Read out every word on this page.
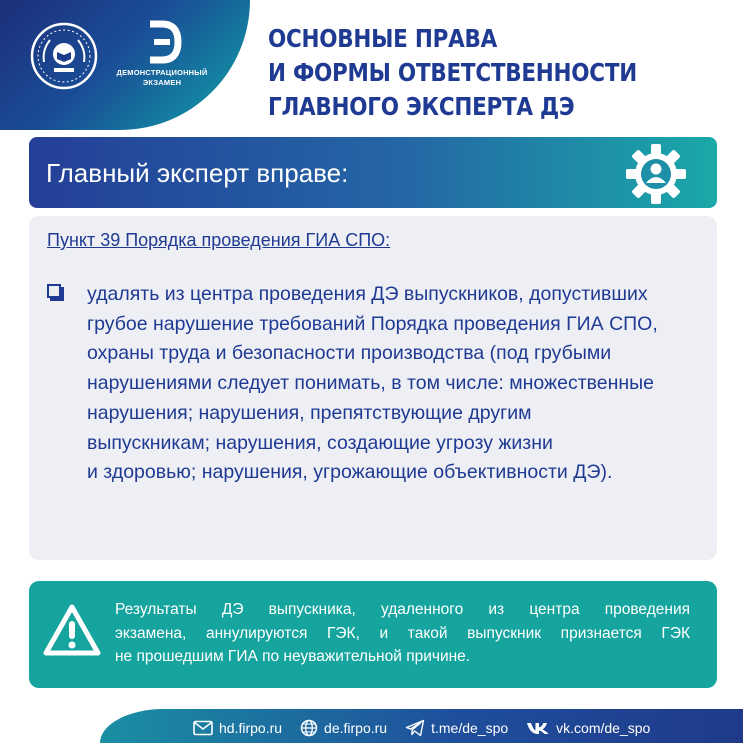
ДЕМОНСТРАЦИОННЫЙ
ЭКЗАМЕН
ОСНОВНЫЕ ПРАВА
И ФОРМЫ ОТВЕТСТВЕННОСТИ
ГЛАВНОГО ЭКСПЕРТА ДЭ
Главный эксперт вправе:
Пункт 39 Порядка проведения ГИА СПО:
удалять из центра проведения ДЭ выпускников, допустивших
грубое нарушение требований Порядка проведения ГИА СПО,
охраны труда и безопасности производства (под грубыми
нарушениями следует понимать, в том числе: множественные
нарушения; нарушения, препятствующие другим
выпускникам; нарушения, создающие угрозу жизни
и здоровью; нарушения, угрожающие объективности ДЭ).
Результаты ДЭ выпускника, удаленного из центра проведения
экзамена, аннулируются ГЭК, и такой выпускник признается ГЭК
не прошедшим ГИА по неуважительной причине.
hd.firpo.ru	de.firpo.ru	t.me/de_spo	vk.com/de_spo
